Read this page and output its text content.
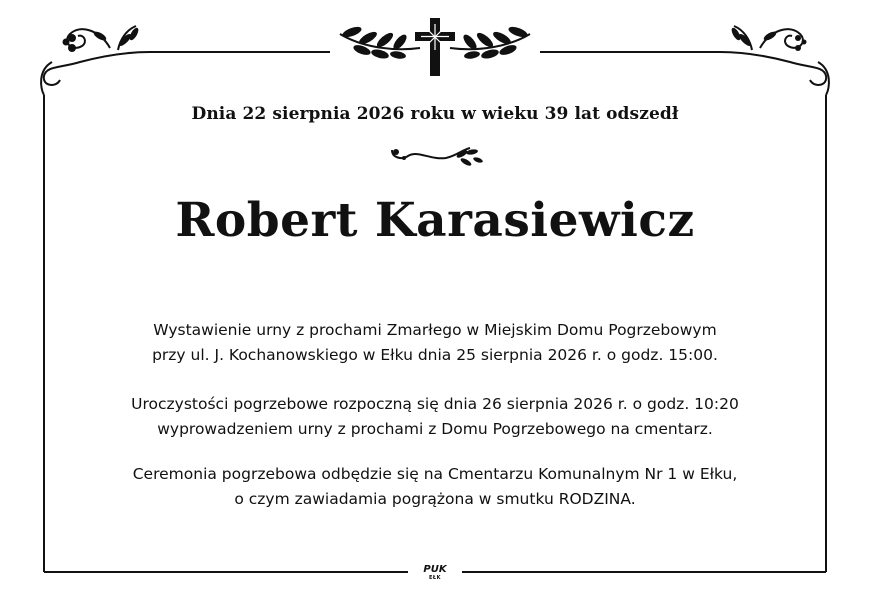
Dnia 22 sierpnia 2026 roku w wieku 39 lat odszedł
Robert Karasiewicz
Wystawienie urny z prochami Zmarłego w Miejskim Domu Pogrzebowym
przy ul. J. Kochanowskiego w Ełku dnia 25 sierpnia 2026 r. o godz. 15:00.
Uroczystości pogrzebowe rozpoczną się dnia 26 sierpnia 2026 r. o godz. 10:20
wyprowadzeniem urny z prochami z Domu Pogrzebowego na cmentarz.
Ceremonia pogrzebowa odbędzie się na Cmentarzu Komunalnym Nr 1 w Ełku,
o czym zawiadamia pogrążona w smutku RODZINA.
PUK
EŁK
